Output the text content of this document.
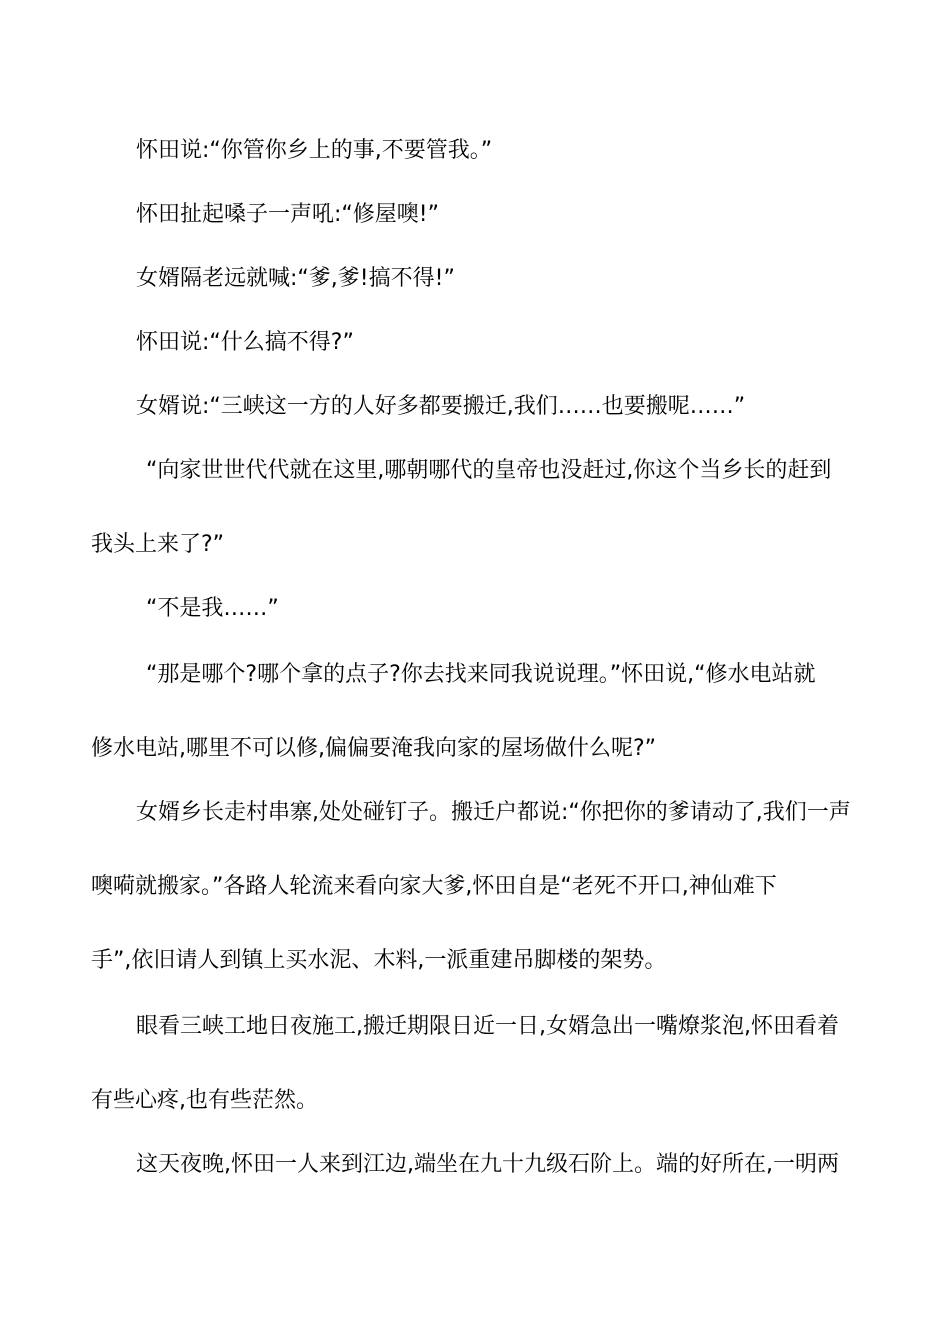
怀田说:“你管你乡上的事,不要管我。”
怀田扯起嗓子一声吼:“修屋噢!”
女婿隔老远就喊:“爹,爹!搞不得!”
怀田说:“什么搞不得?”
女婿说:“三峡这一方的人好多都要搬迁,我们……也要搬呢……”
“向家世世代代就在这里,哪朝哪代的皇帝也没赶过,你这个当乡长的赶到
我头上来了?”
“不是我……”
“那是哪个?哪个拿的点子?你去找来同我说说理。”怀田说,“修水电站就
修水电站,哪里不可以修,偏偏要淹我向家的屋场做什么呢?”
女婿乡长走村串寨,处处碰钉子。搬迁户都说:“你把你的爹请动了,我们一声
噢嗬就搬家。”各路人轮流来看向家大爹,怀田自是“老死不开口,神仙难下
手”,依旧请人到镇上买水泥、木料,一派重建吊脚楼的架势。
眼看三峡工地日夜施工,搬迁期限日近一日,女婿急出一嘴燎浆泡,怀田看着
有些心疼,也有些茫然。
这天夜晚,怀田一人来到江边,端坐在九十九级石阶上。端的好所在,一明两
